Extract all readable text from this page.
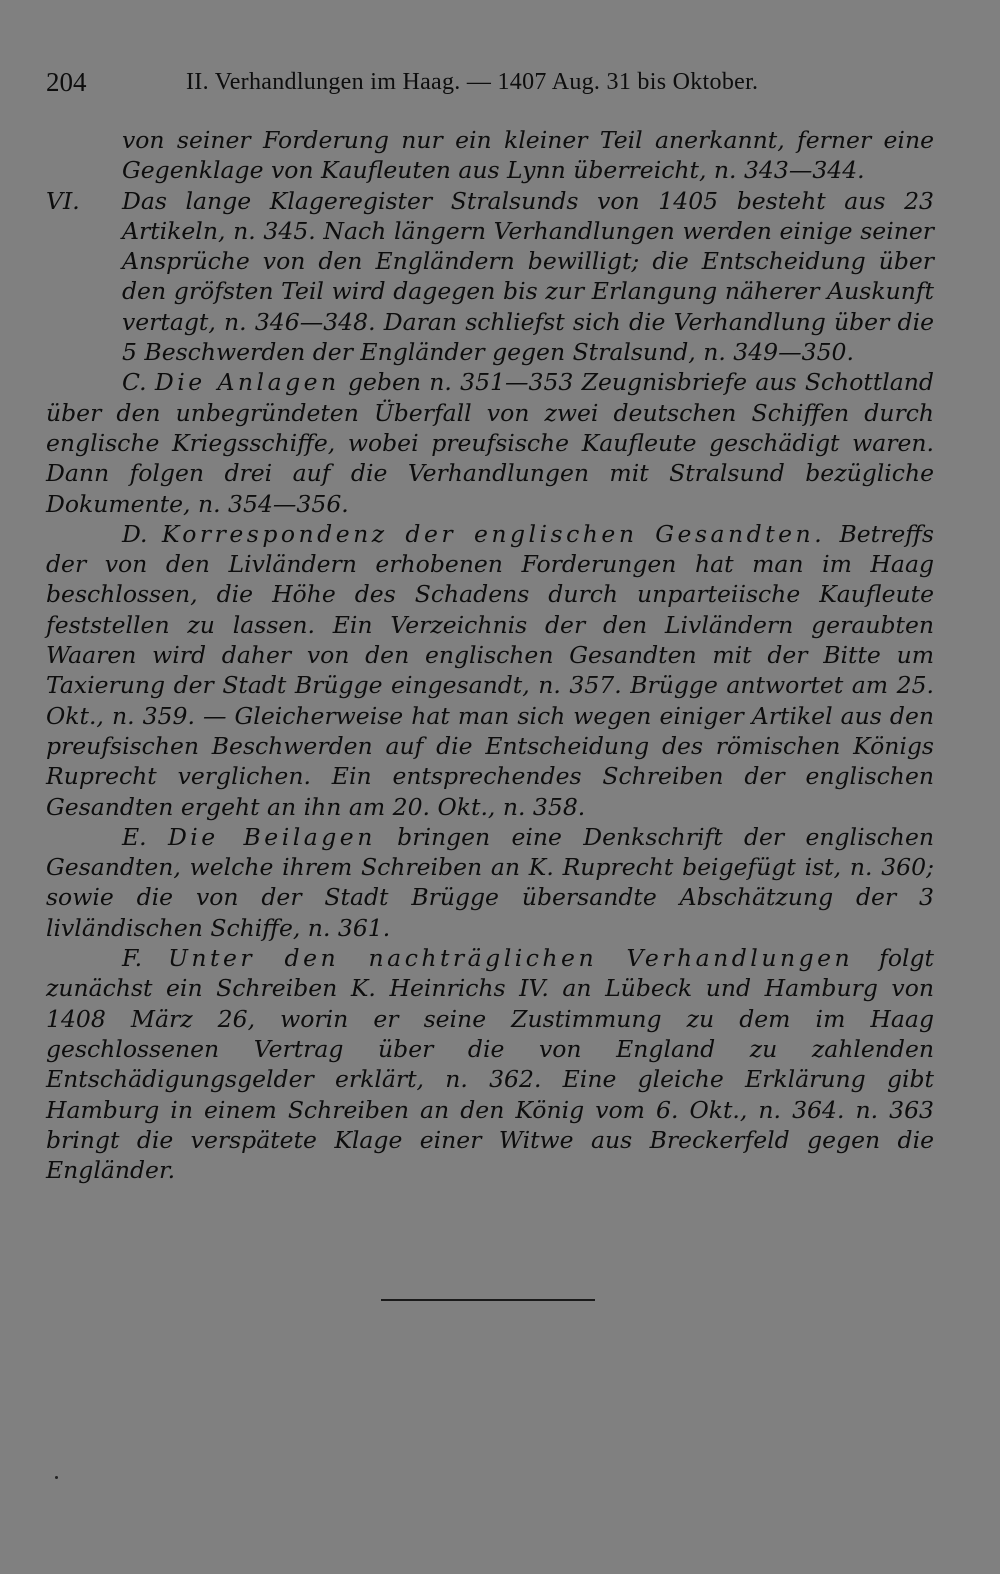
204	II. Verhandlungen im Haag. — 1407 Aug. 31 bis Oktober.

von seiner Forderung nur ein kleiner Teil anerkannt, ferner eine Gegenklage von Kaufleuten aus Lynn überreicht, n. 343—344.

VI. Das lange Klageregister Stralsunds von 1405 besteht aus 23 Artikeln, n. 345. Nach längern Verhandlungen werden einige seiner Ansprüche von den Engländern bewilligt; die Entscheidung über den gröfsten Teil wird dagegen bis zur Erlangung näherer Auskunft vertagt, n. 346—348. Daran schliefst sich die Verhandlung über die 5 Beschwerden der Engländer gegen Stralsund, n. 349—350.

C. Die Anlagen geben n. 351—353 Zeugnisbriefe aus Schottland über den unbegründeten Überfall von zwei deutschen Schiffen durch englische Kriegsschiffe, wobei preufsische Kaufleute geschädigt waren. Dann folgen drei auf die Verhandlungen mit Stralsund bezügliche Dokumente, n. 354—356.

D. Korrespondenz der englischen Gesandten. Betreffs der von den Livländern erhobenen Forderungen hat man im Haag beschlossen, die Höhe des Schadens durch unparteiische Kaufleute feststellen zu lassen. Ein Verzeichnis der den Livländern geraubten Waaren wird daher von den englischen Gesandten mit der Bitte um Taxierung der Stadt Brügge eingesandt, n. 357. Brügge antwortet am 25. Okt., n. 359. — Gleicherweise hat man sich wegen einiger Artikel aus den preufsischen Beschwerden auf die Entscheidung des römischen Königs Ruprecht verglichen. Ein entsprechendes Schreiben der englischen Gesandten ergeht an ihn am 20. Okt., n. 358.

E. Die Beilagen bringen eine Denkschrift der englischen Gesandten, welche ihrem Schreiben an K. Ruprecht beigefügt ist, n. 360; sowie die von der Stadt Brügge übersandte Abschätzung der 3 livländischen Schiffe, n. 361.

F. Unter den nachträglichen Verhandlungen folgt zunächst ein Schreiben K. Heinrichs IV. an Lübeck und Hamburg von 1408 März 26, worin er seine Zustimmung zu dem im Haag geschlossenen Vertrag über die von England zu zahlenden Entschädigungsgelder erklärt, n. 362. Eine gleiche Erklärung gibt Hamburg in einem Schreiben an den König vom 6. Okt., n. 364. n. 363 bringt die verspätete Klage einer Witwe aus Breckerfeld gegen die Engländer.
